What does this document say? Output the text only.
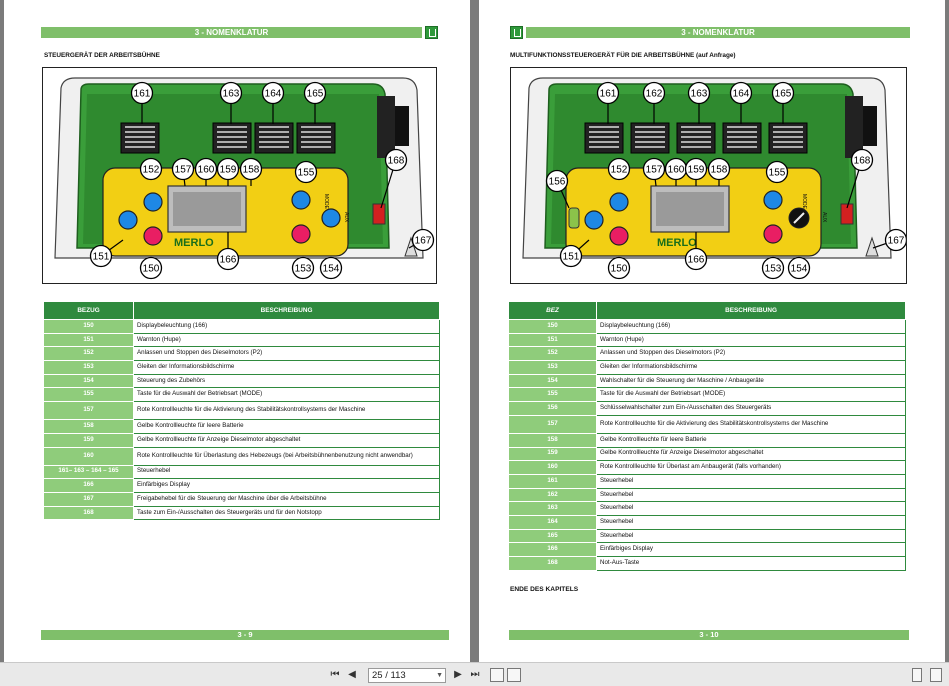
3 - NOMENKLATUR
STEUERGERÄT DER ARBEITSBÜHNE
MERLO
MODE
AUX
161	163	164	165
152 157 160 159 158	155
168
151
150
166
153 154
167
BEZUG	BESCHREIBUNG
150	Displaybeleuchtung (166)
151	Warnton (Hupe)
152	Anlassen und Stoppen des Dieselmotors (P2)
153	Gleiten der Informationsbildschirme
154	Steuerung des Zubehörs
155	Taste für die Auswahl der Betriebsart (MODE)
157	Rote Kontrollleuchte für die Aktivierung des Stabilitätskontrollsystems der Maschine
158	Gelbe Kontrollleuchte für leere Batterie
159	Gelbe Kontrollleuchte für Anzeige Dieselmotor abgeschaltet
160	Rote Kontrollleuchte für Überlastung des Hebezeugs (bei Arbeitsbühnenbenutzung nicht anwendbar)
161– 163 – 164 – 165	Steuerhebel
166	Einfärbiges Display
167	Freigabehebel für die Steuerung der Maschine über die Arbeitsbühne
168	Taste zum Ein-/Ausschalten des Steuergeräts und für den Notstopp
3 - 9
3 - NOMENKLATUR
MULTIFUNKTIONSSTEUERGERÄT FÜR DIE ARBEITSBÜHNE (auf Anfrage)
MERLO
MODE
AUX
161	162	163	164	165
152 157 160 159 158	155
168
156
151
150
166
153 154
167
BEZ	BESCHREIBUNG
150	Displaybeleuchtung (166)
151	Warnton (Hupe)
152	Anlassen und Stoppen des Dieselmotors (P2)
153	Gleiten der Informationsbildschirme
154	Wahlschalter für die Steuerung der Maschine / Anbaugeräte
155	Taste für die Auswahl der Betriebsart (MODE)
156	Schlüsselwahlschalter zum Ein-/Ausschalten des Steuergeräts
157	Rote Kontrollleuchte für die Aktivierung des Stabilitätskontrollsystems der Maschine
158	Gelbe Kontrollleuchte für leere Batterie
159	Gelbe Kontrollleuchte für Anzeige Dieselmotor abgeschaltet
160	Rote Kontrollleuchte für Überlast am Anbaugerät (falls vorhanden)
161	Steuerhebel
162	Steuerhebel
163	Steuerhebel
164	Steuerhebel
165	Steuerhebel
166	Einfärbiges Display
168	Not-Aus-Taste
ENDE DES KAPITELS
3 - 10
⏮ ◀	25 / 113	▼ ▶ ⏭
